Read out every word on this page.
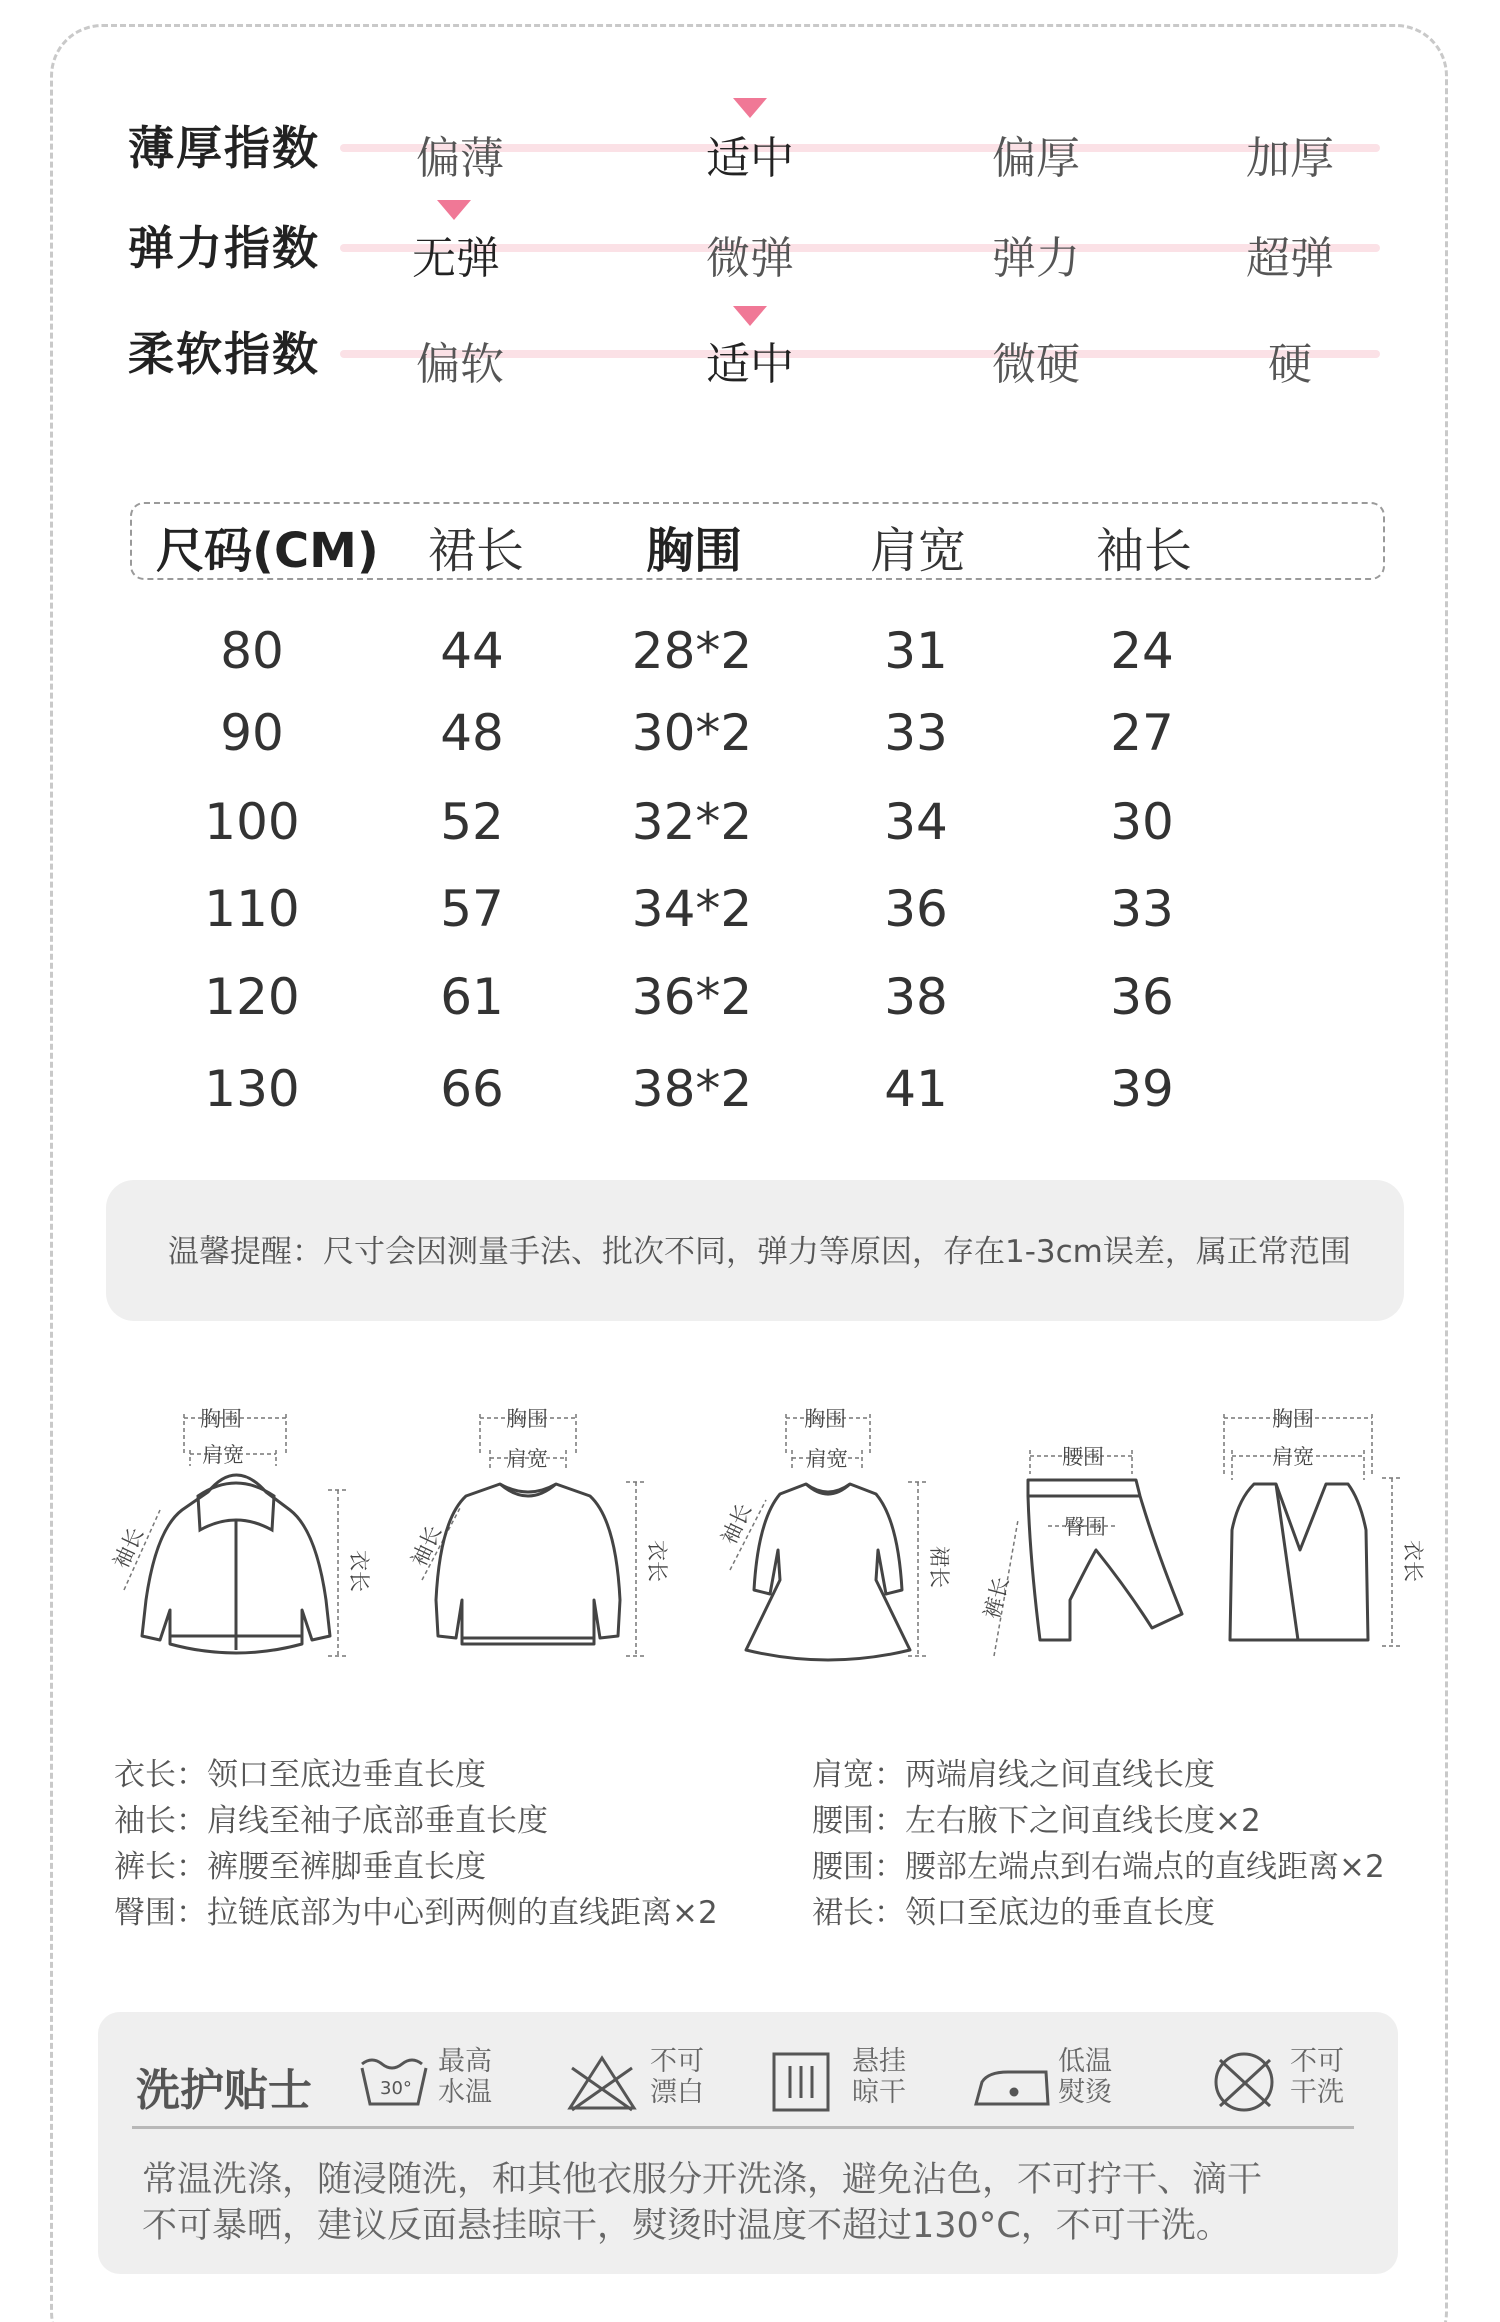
薄厚指数 偏薄	适中	偏厚	加厚
弹力指数 无弹	微弹	弹力	超弹
柔软指数 偏软	适中	微硬	硬
尺码(CM) 裙长	胸围	肩宽	袖长
80	44	28*2	31	24
90	48	30*2	33	27
100	52	32*2	34	30
110	57	34*2	36	33
120	61	36*2	38	36
130	66	38*2	41	39
温馨提醒：尺寸会因测量手法、批次不同，弹力等原因，存在1-3cm误差，属正常范围
胸围
肩宽
袖长	衣长
胸围
肩宽
袖长	衣长
胸围
肩宽
袖长
裙长
腰围
臀围
裤长
胸围
肩宽
衣长
衣长：领口至底边垂直长度
袖长：肩线至袖子底部垂直长度
裤长：裤腰至裤脚垂直长度
臀围：拉链底部为中心到两侧的直线距离×2
肩宽：两端肩线之间直线长度
腰围：左右腋下之间直线长度×2
腰围：腰部左端点到右端点的直线距离×2
裙长：领口至底边的垂直长度
洗护贴士	30°
最高
水温
不可
漂白
悬挂
晾干
低温
熨烫
不可
干洗
常温洗涤，随浸随洗，和其他衣服分开洗涤，避免沾色，不可拧干、滴干
不可暴晒，建议反面悬挂晾干，熨烫时温度不超过130°C，不可干洗。
